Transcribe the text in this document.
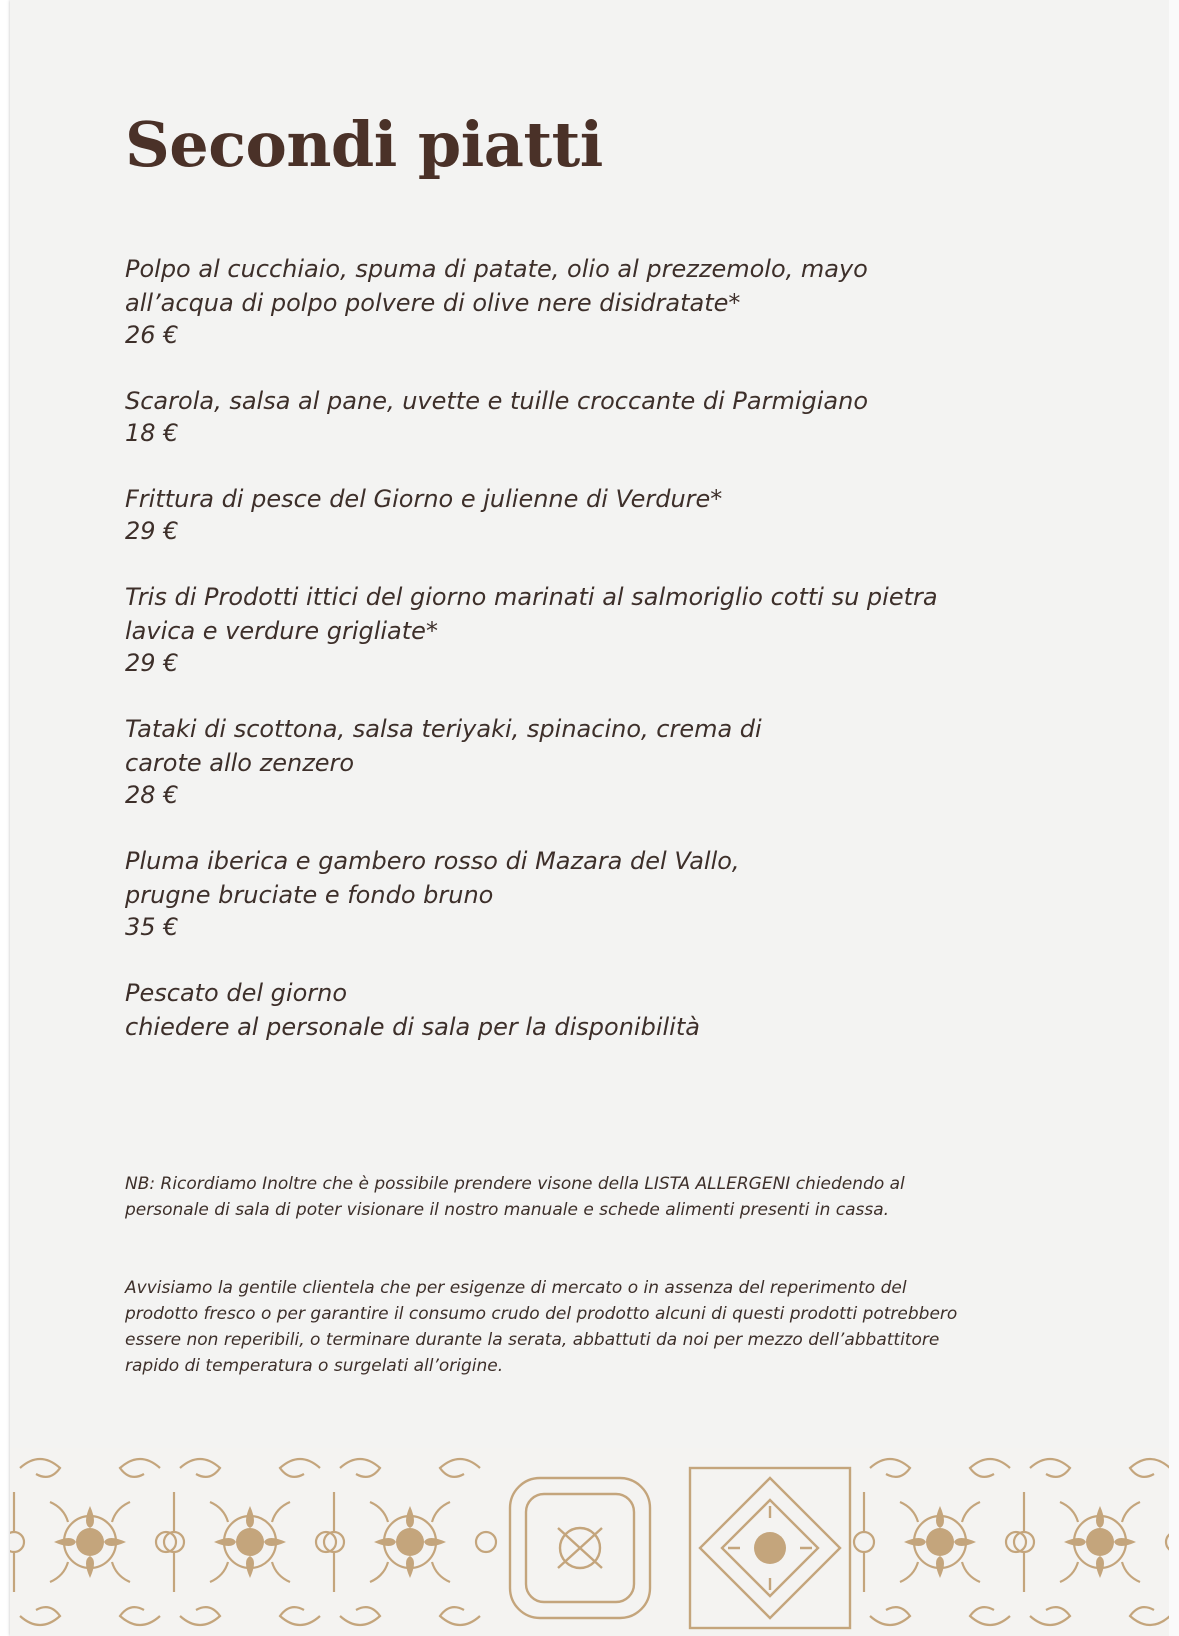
Secondi piatti
Polpo al cucchiaio, spuma di patate, olio al prezzemolo, mayo
all’acqua di polpo polvere di olive nere disidratate*
26 €
Scarola, salsa al pane, uvette e tuille croccante di Parmigiano
18 €
Frittura di pesce del Giorno e julienne di Verdure*
29 €
Tris di Prodotti ittici del giorno marinati al salmoriglio cotti su pietra
lavica e verdure grigliate*
29 €
Tataki di scottona, salsa teriyaki, spinacino, crema di
carote allo zenzero
28 €
Pluma iberica e gambero rosso di Mazara del Vallo,
prugne bruciate e fondo bruno
35 €
Pescato del giorno
chiedere al personale di sala per la disponibilità
NB: Ricordiamo Inoltre che è possibile prendere visone della LISTA ALLERGENI chiedendo al
personale di sala di poter visionare il nostro manuale e schede alimenti presenti in cassa.
Avvisiamo la gentile clientela che per esigenze di mercato o in assenza del reperimento del
prodotto fresco o per garantire il consumo crudo del prodotto alcuni di questi prodotti potrebbero
essere non reperibili, o terminare durante la serata, abbattuti da noi per mezzo dell’abbattitore
rapido di temperatura o surgelati all’origine.
